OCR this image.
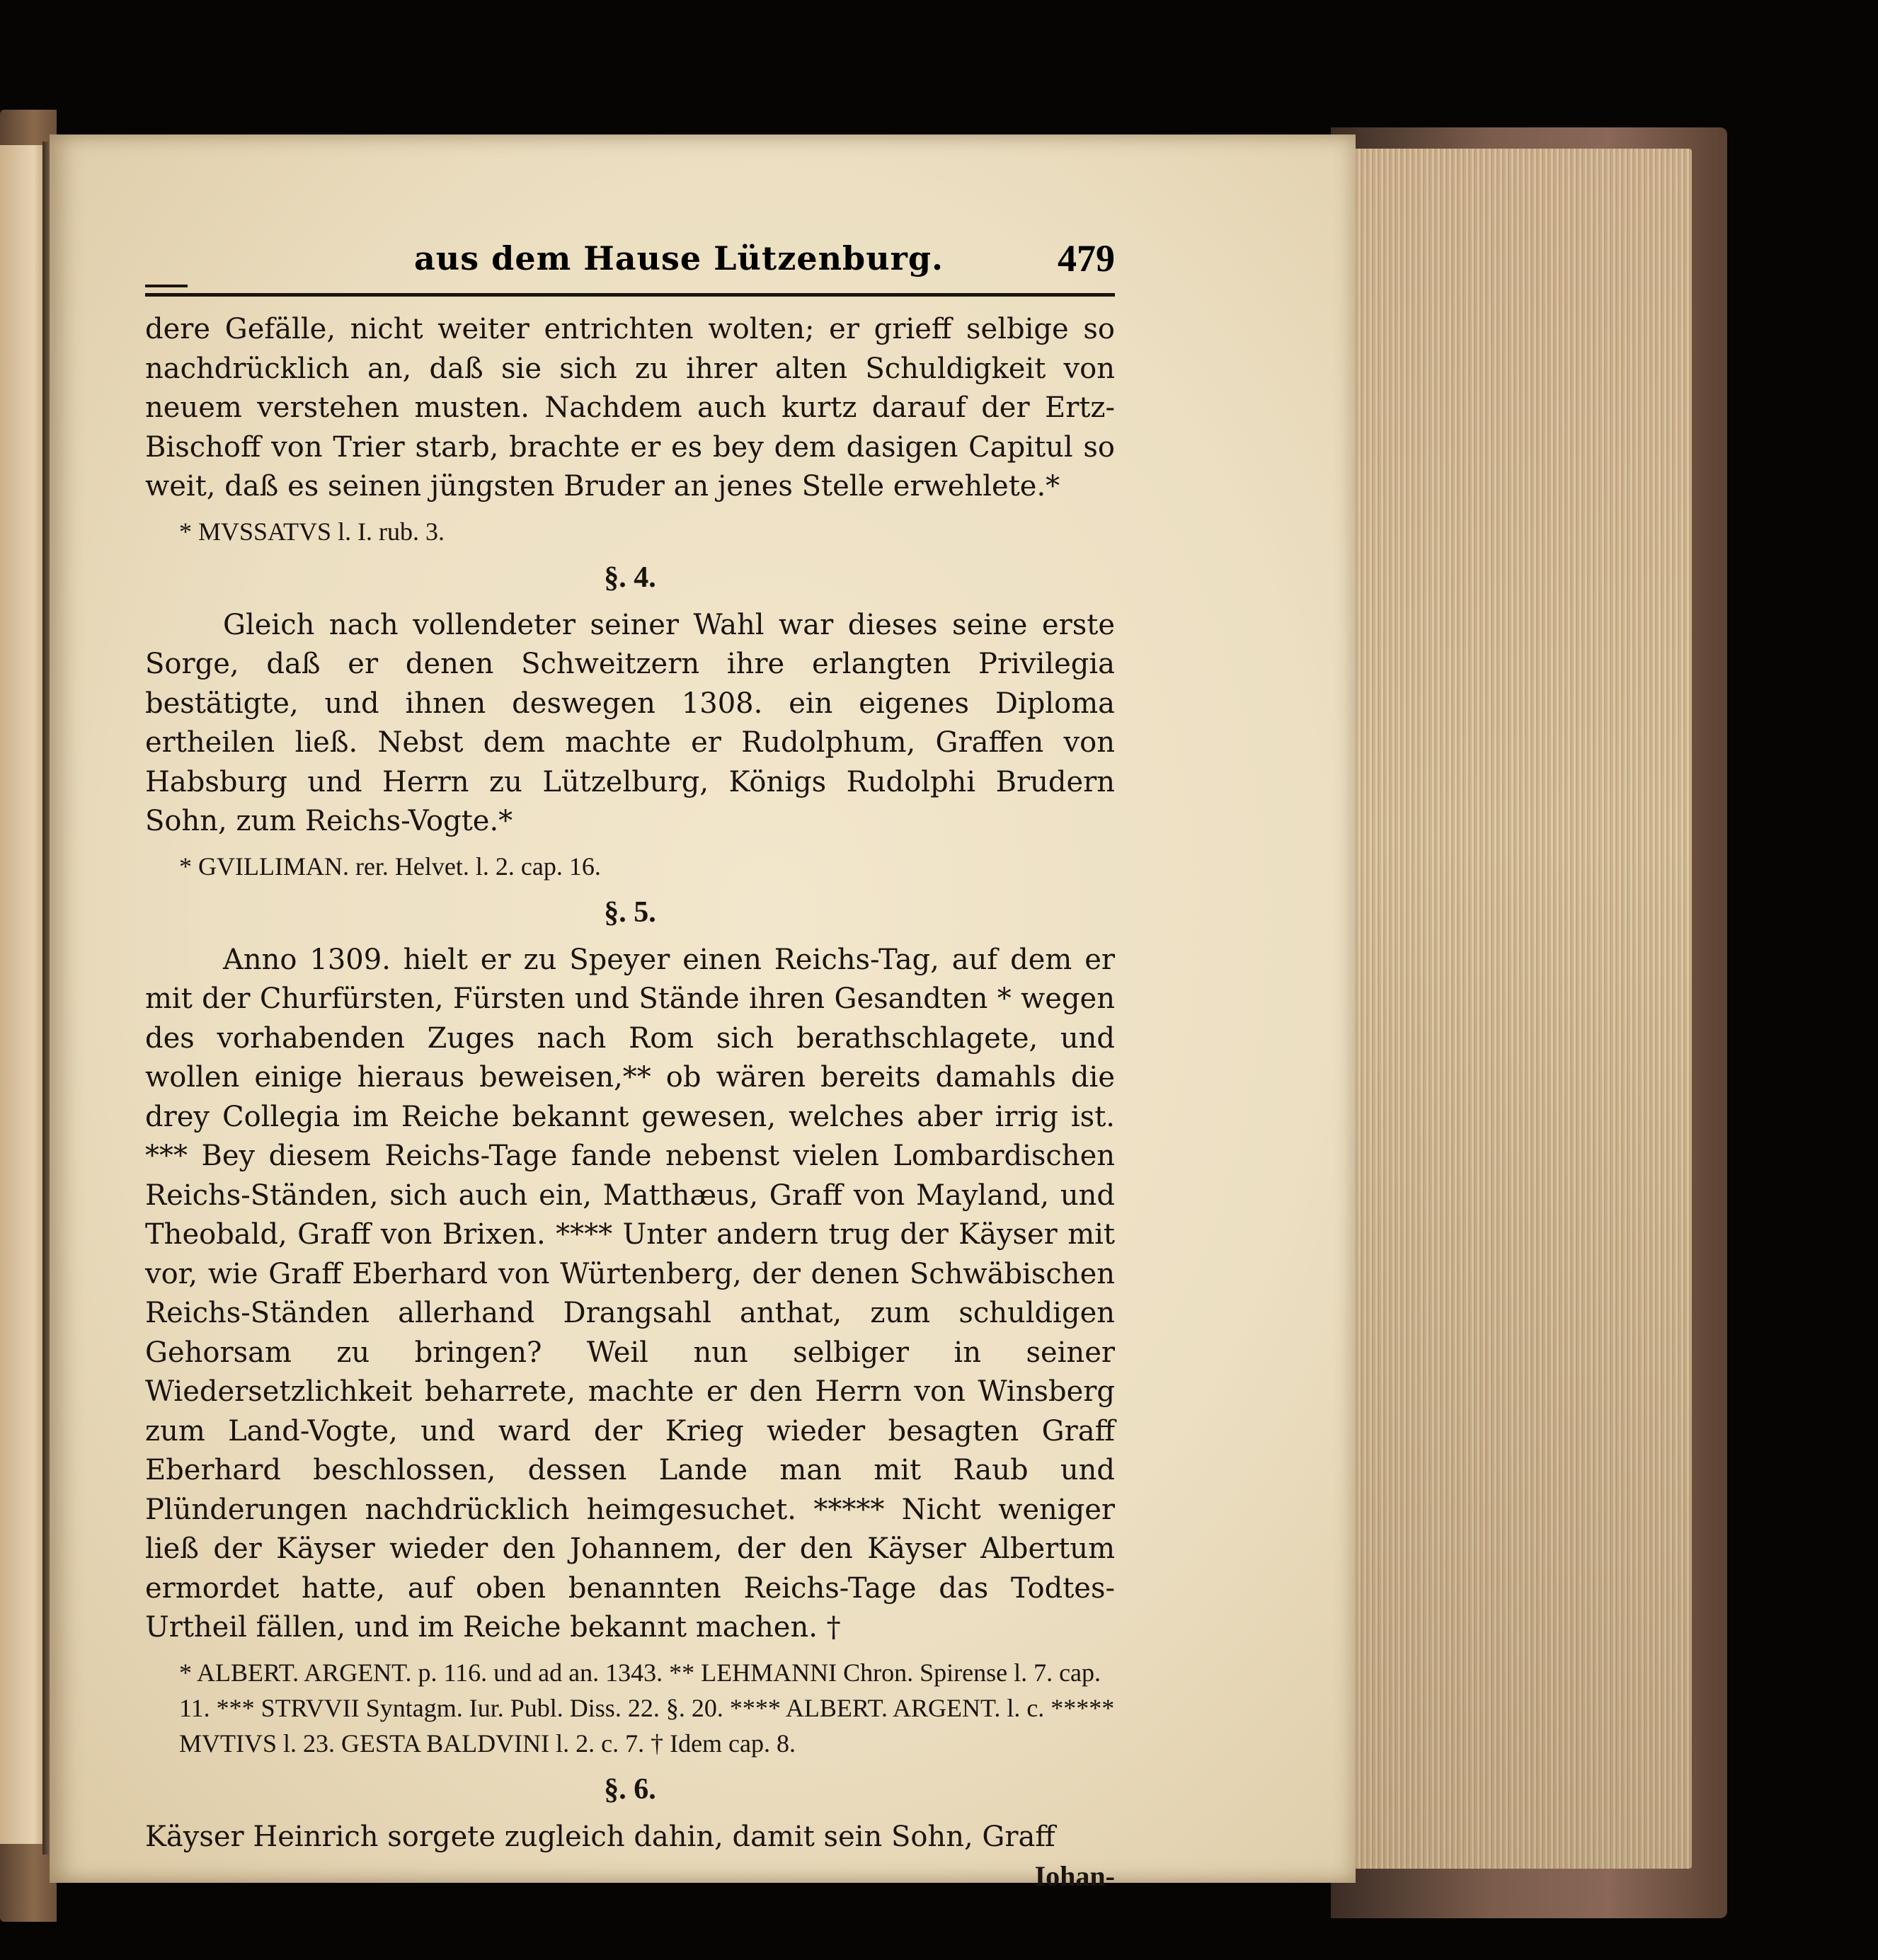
aus dem Hause Lützenburg.	479

dere Gefälle, nicht weiter entrichten wolten; er grieff selbige so nachdrücklich an, daß sie sich zu ihrer alten Schuldigkeit von neuem verstehen musten. Nachdem auch kurtz darauf der Ertz-Bischoff von Trier starb, brachte er es bey dem dasigen Capitul so weit, daß es seinen jüngsten Bruder an jenes Stelle erwehlete.*

* MVSSATVS l. I. rub. 3.

§. 4.

Gleich nach vollendeter seiner Wahl war dieses seine erste Sorge, daß er denen Schweitzern ihre erlangten Privilegia bestätigte, und ihnen deswegen 1308. ein eigenes Diploma ertheilen ließ. Nebst dem machte er Rudolphum, Graffen von Habsburg und Herrn zu Lützelburg, Königs Rudolphi Brudern Sohn, zum Reichs-Vogte.*

* GVILLIMAN. rer. Helvet. l. 2. cap. 16.

§. 5.

Anno 1309. hielt er zu Speyer einen Reichs-Tag, auf dem er mit der Churfürsten, Fürsten und Stände ihren Gesandten * wegen des vorhabenden Zuges nach Rom sich berathschlagete, und wollen einige hieraus beweisen,** ob wären bereits damahls die drey Collegia im Reiche bekannt gewesen, welches aber irrig ist. *** Bey diesem Reichs-Tage fande nebenst vielen Lombardischen Reichs-Ständen, sich auch ein, Matthæus, Graff von Mayland, und Theobald, Graff von Brixen. **** Unter andern trug der Käyser mit vor, wie Graff Eberhard von Würtenberg, der denen Schwäbischen Reichs-Ständen allerhand Drangsahl anthat, zum schuldigen Gehorsam zu bringen? Weil nun selbiger in seiner Wiedersetzlichkeit beharrete, machte er den Herrn von Winsberg zum Land-Vogte, und ward der Krieg wieder besagten Graff Eberhard beschlossen, dessen Lande man mit Raub und Plünderungen nachdrücklich heimgesuchet. ***** Nicht weniger ließ der Käyser wieder den Johannem, der den Käyser Albertum ermordet hatte, auf oben benannten Reichs-Tage das Todtes-Urtheil fällen, und im Reiche bekannt machen. †

* ALBERT. ARGENT. p. 116. und ad an. 1343. ** LEHMANNI Chron. Spirense l. 7. cap. 11. *** STRVVII Syntagm. Iur. Publ. Diss. 22. §. 20. **** ALBERT. ARGENT. l. c. ***** MVTIVS l. 23. GESTA BALDVINI l. 2. c. 7. † Idem cap. 8.

§. 6.

Käyser Heinrich sorgete zugleich dahin, damit sein Sohn, Graff

Iohan-
